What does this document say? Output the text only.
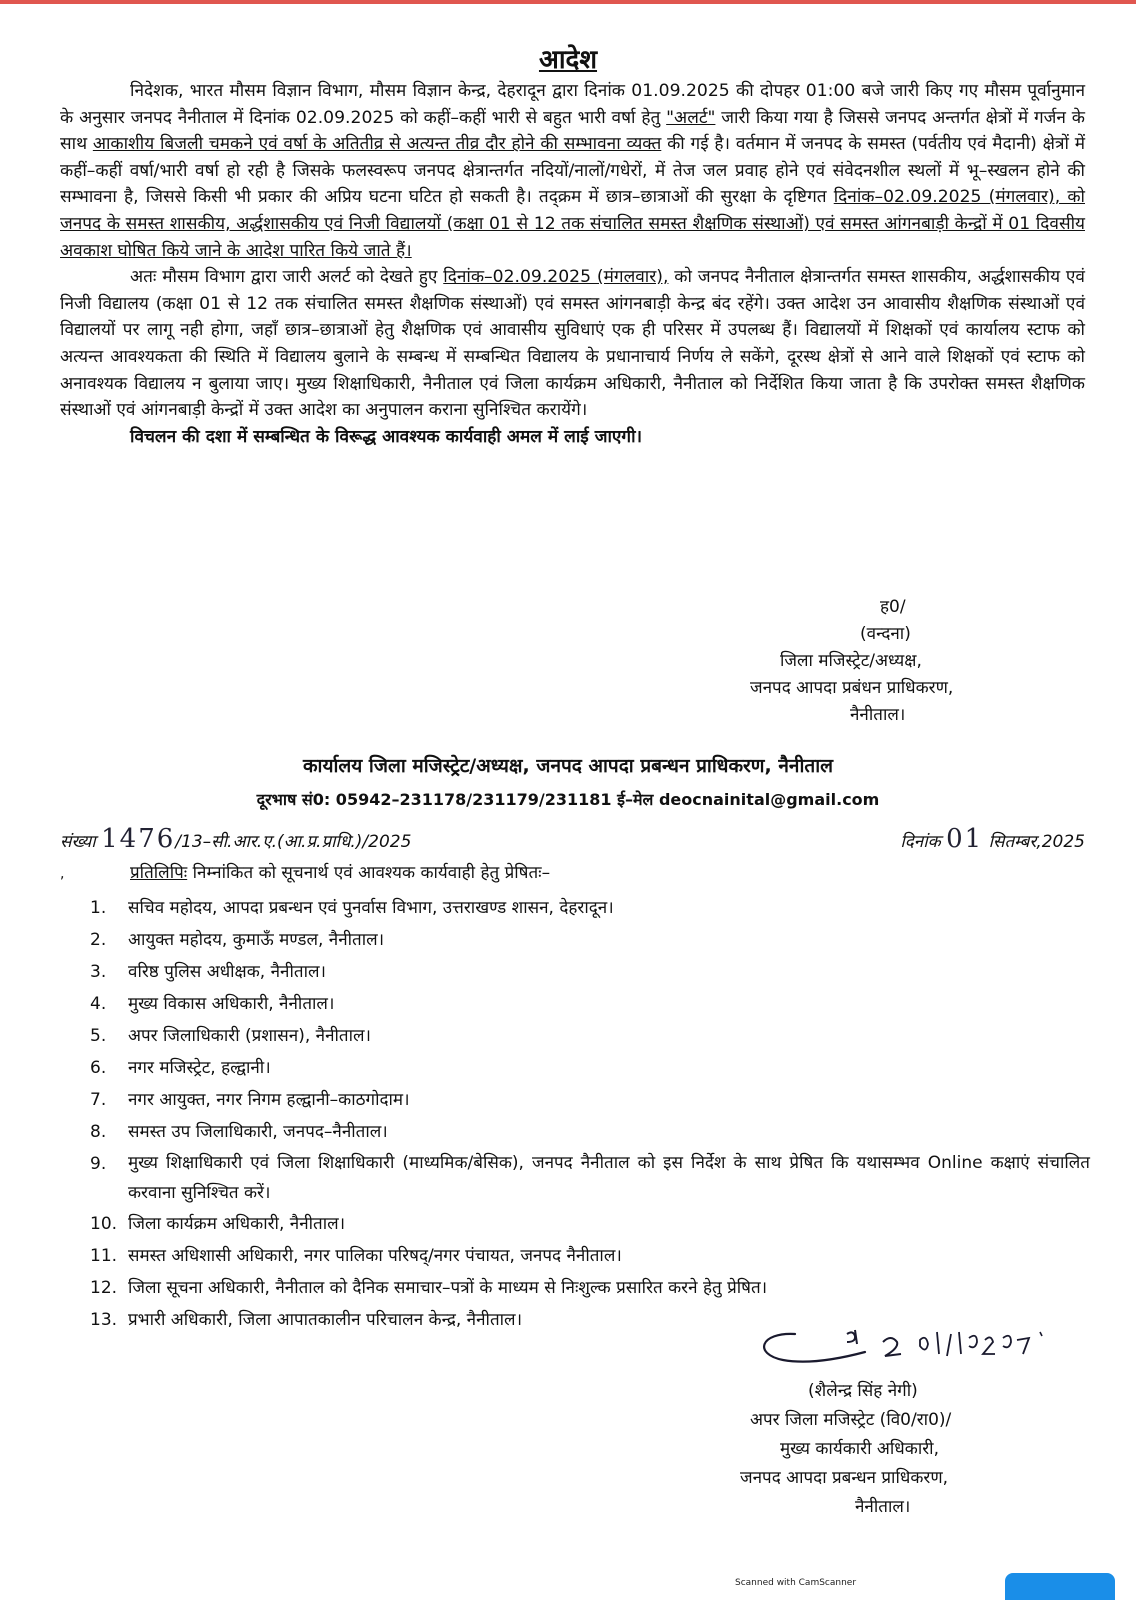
आदेश

निदेशक, भारत मौसम विज्ञान विभाग, मौसम विज्ञान केन्द्र, देहरादून द्वारा दिनांक 01.09.2025 की दोपहर 01:00 बजे जारी किए गए मौसम पूर्वानुमान के अनुसार जनपद नैनीताल में दिनांक 02.09.2025 को कहीं–कहीं भारी से बहुत भारी वर्षा हेतु "अलर्ट" जारी किया गया है जिससे जनपद अन्तर्गत क्षेत्रों में गर्जन के साथ आकाशीय बिजली चमकने एवं वर्षा के अतितीव्र से अत्यन्त तीव्र दौर होने की सम्भावना व्यक्त की गई है। वर्तमान में जनपद के समस्त (पर्वतीय एवं मैदानी) क्षेत्रों में कहीं–कहीं वर्षा/भारी वर्षा हो रही है जिसके फलस्वरूप जनपद क्षेत्रान्तर्गत नदियों/नालों/गधेरों, में तेज जल प्रवाह होने एवं संवेदनशील स्थलों में भू–स्खलन होने की सम्भावना है, जिससे किसी भी प्रकार की अप्रिय घटना घटित हो सकती है। तद्क्रम में छात्र–छात्राओं की सुरक्षा के दृष्टिगत दिनांक–02.09.2025 (मंगलवार), को जनपद के समस्त शासकीय, अर्द्धशासकीय एवं निजी विद्यालयों (कक्षा 01 से 12 तक संचालित समस्त शैक्षणिक संस्थाओं) एवं समस्त आंगनबाड़ी केन्द्रों में 01 दिवसीय अवकाश घोषित किये जाने के आदेश पारित किये जाते हैं।

अतः मौसम विभाग द्वारा जारी अलर्ट को देखते हुए दिनांक–02.09.2025 (मंगलवार), को जनपद नैनीताल क्षेत्रान्तर्गत समस्त शासकीय, अर्द्धशासकीय एवं निजी विद्यालय (कक्षा 01 से 12 तक संचालित समस्त शैक्षणिक संस्थाओं) एवं समस्त आंगनबाड़ी केन्द्र बंद रहेंगे। उक्त आदेश उन आवासीय शैक्षणिक संस्थाओं एवं विद्यालयों पर लागू नही होगा, जहाँ छात्र–छात्राओं हेतु शैक्षणिक एवं आवासीय सुविधाएं एक ही परिसर में उपलब्ध हैं। विद्यालयों में शिक्षकों एवं कार्यालय स्टाफ को अत्यन्त आवश्यकता की स्थिति में विद्यालय बुलाने के सम्बन्ध में सम्बन्धित विद्यालय के प्रधानाचार्य निर्णय ले सकेंगे, दूरस्थ क्षेत्रों से आने वाले शिक्षकों एवं स्टाफ को अनावश्यक विद्यालय न बुलाया जाए। मुख्य शिक्षाधिकारी, नैनीताल एवं जिला कार्यक्रम अधिकारी, नैनीताल को निर्देशित किया जाता है कि उपरोक्त समस्त शैक्षणिक संस्थाओं एवं आंगनबाड़ी केन्द्रों में उक्त आदेश का अनुपालन कराना सुनिश्चित करायेंगे।

विचलन की दशा में सम्बन्धित के विरूद्ध आवश्यक कार्यवाही अमल में लाई जाएगी।

ह0/
(वन्दना)
जिला मजिस्ट्रेट/अध्यक्ष,
जनपद आपदा प्रबंधन प्राधिकरण,
नैनीताल।
कार्यालय जिला मजिस्ट्रेट/अध्यक्ष, जनपद आपदा प्रबन्धन प्राधिकरण, नैनीताल
दूरभाष सं0: 05942–231178/231179/231181 ई–मेल deocnainital@gmail.com
संख्या 1476/13–सी.आर.ए.(आ.प्र.प्राधि.)/2025	दिनांक 01 सितम्बर,2025
,	प्रतिलिपिः निम्नांकित को सूचनार्थ एवं आवश्यक कार्यवाही हेतु प्रेषितः–
1.	सचिव महोदय, आपदा प्रबन्धन एवं पुनर्वास विभाग, उत्तराखण्ड शासन, देहरादून।
2.	आयुक्त महोदय, कुमाऊँ मण्डल, नैनीताल।
3.	वरिष्ठ पुलिस अधीक्षक, नैनीताल।
4.	मुख्य विकास अधिकारी, नैनीताल।
5.	अपर जिलाधिकारी (प्रशासन), नैनीताल।
6.	नगर मजिस्ट्रेट, हल्द्वानी।
7.	नगर आयुक्त, नगर निगम हल्द्वानी–काठगोदाम।
8.	समस्त उप जिलाधिकारी, जनपद–नैनीताल।
9.	मुख्य शिक्षाधिकारी एवं जिला शिक्षाधिकारी (माध्यमिक/बेसिक), जनपद नैनीताल को इस निर्देश के साथ प्रेषित कि यथासम्भव Online कक्षाएं संचालित करवाना सुनिश्चित करें।
10. जिला कार्यक्रम अधिकारी, नैनीताल।
11. समस्त अधिशासी अधिकारी, नगर पालिका परिषद्/नगर पंचायत, जनपद नैनीताल।
12. जिला सूचना अधिकारी, नैनीताल को दैनिक समाचार–पत्रों के माध्यम से निःशुल्क प्रसारित करने हेतु प्रेषित।
13. प्रभारी अधिकारी, जिला आपातकालीन परिचालन केन्द्र, नैनीताल।
(शैलेन्द्र सिंह नेगी)
अपर जिला मजिस्ट्रेट (वि0/रा0)/
मुख्य कार्यकारी अधिकारी,
जनपद आपदा प्रबन्धन प्राधिकरण,
नैनीताल।
Scanned with CamScanner
